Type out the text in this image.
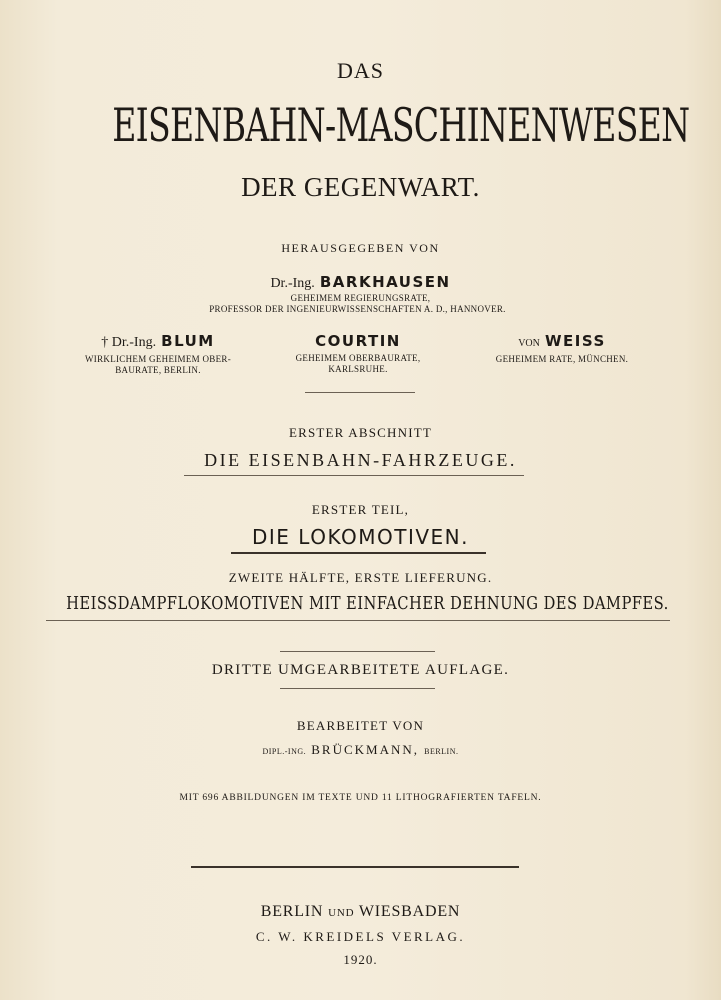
DAS
EISENBAHN-MASCHINENWESEN
DER GEGENWART.
HERAUSGEGEBEN VON
Dr.-Ing. BARKHAUSEN
GEHEIMEM REGIERUNGSRATE,
PROFESSOR DER INGENIEURWISSENSCHAFTEN A. D., HANNOVER.
† Dr.-Ing. BLUM
WIRKLICHEM GEHEIMEM OBER-
BAURATE, BERLIN.
COURTIN
GEHEIMEM OBERBAURATE,
KARLSRUHE.
von WEISS
GEHEIMEM RATE, MÜNCHEN.
ERSTER ABSCHNITT
DIE EISENBAHN-FAHRZEUGE.
ERSTER TEIL,
DIE LOKOMOTIVEN.
ZWEITE HÄLFTE, ERSTE LIEFERUNG.
HEISSDAMPFLOKOMOTIVEN MIT EINFACHER DEHNUNG DES DAMPFES.
DRITTE UMGEARBEITETE AUFLAGE.
BEARBEITET VON
DIPL.-ING. BRÜCKMANN, BERLIN.
MIT 696 ABBILDUNGEN IM TEXTE UND 11 LITHOGRAFIERTEN TAFELN.
BERLIN UND WIESBADEN
C. W. KREIDELS VERLAG.
1920.
